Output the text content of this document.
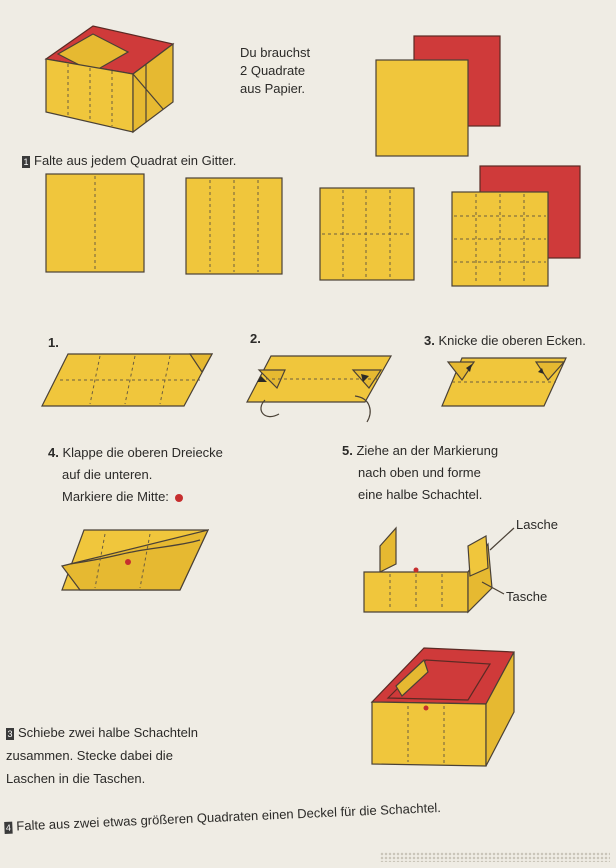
Du brauchst
2 Quadrate
aus Papier.
1 Falte aus jedem Quadrat ein Gitter.
1.	2.	3. Knicke die oberen Ecken.
4. Klappe die oberen Dreiecke
auf die unteren.
Markiere die Mitte:
5. Ziehe an der Markierung
nach oben und forme
eine halbe Schachtel.
Lasche
Tasche
3 Schiebe zwei halbe Schachteln
zusammen. Stecke dabei die
Laschen in die Taschen.
4 Falte aus zwei etwas größeren Quadraten einen Deckel für die Schachtel.
